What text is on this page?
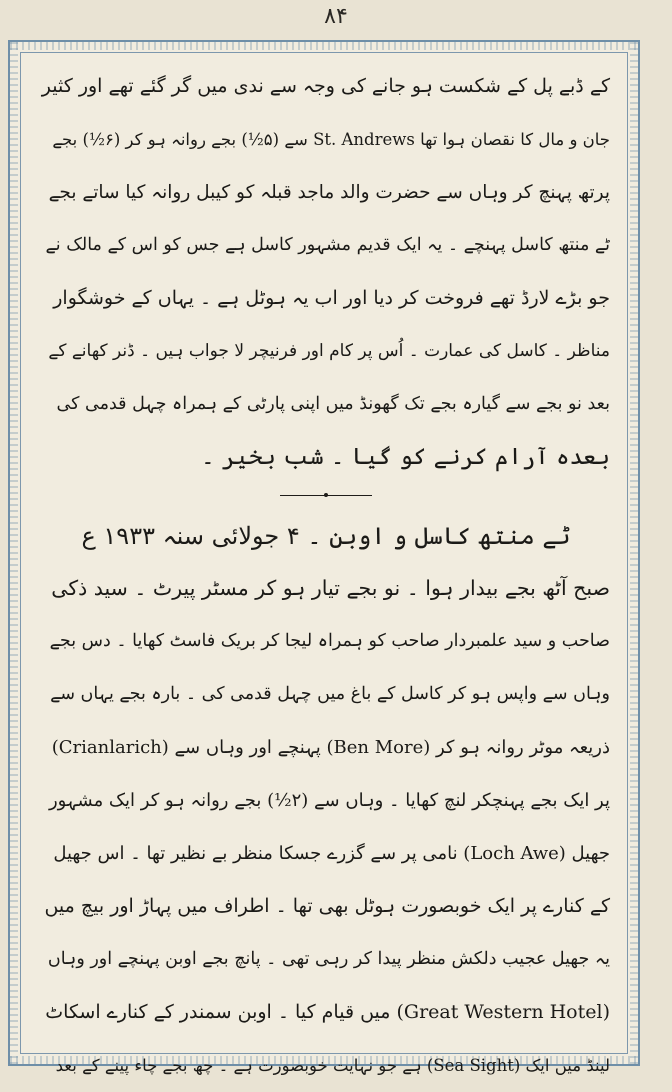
۸۴
کے ڈبے پل کے شکست ہو جانے کی وجہ سے ندی میں گر گئے تھے اور کثیر
جان و مال کا نقصان ہوا تھا St. Andrews سے (۵½) بجے روانہ ہو کر (۶½) بجے
پرتھ پہنچ کر وہاں سے حضرت والد ماجد قبلہ کو کیبل روانہ کیا ساتے بجے
ٹے منتھ کاسل پہنچے ۔ یہ ایک قدیم مشہور کاسل ہے جس کو اس کے مالک نے
جو بڑے لارڈ تھے فروخت کر دیا اور اب یہ ہوٹل ہے ۔ یہاں کے خوشگوار
مناظر ۔ کاسل کی عمارت ۔ اُس پر کام اور فرنیچر لا جواب ہیں ۔ ڈنر کھانے کے
بعد نو بجے سے گیارہ بجے تک گھونڈ میں اپنی پارٹی کے ہمراہ چہل قدمی کی
بعدہ آرام کرنے کو گیا ۔ شب بخیر ۔
ٹے منتھ کاسل و اوبن ۔ ۴ جولائی سنہ ۱۹۳۳ ع
صبح آٹھ بجے بیدار ہوا ۔ نو بجے تیار ہو کر مسٹر پیرٹ ۔ سید ذکی
صاحب و سید علمبردار صاحب کو ہمراہ لیجا کر بریک فاسٹ کھایا ۔ دس بجے
وہاں سے واپس ہو کر کاسل کے باغ میں چہل قدمی کی ۔ بارہ بجے یہاں سے
ذریعہ موٹر روانہ ہو کر (Ben More) پہنچے اور وہاں سے (Crianlarich)
پر ایک بجے پہنچکر لنچ کھایا ۔ وہاں سے (۲½) بجے روانہ ہو کر ایک مشہور
جھیل (Loch Awe) نامی پر سے گزرے جسکا منظر بے نظیر تھا ۔ اس جھیل
کے کنارے پر ایک خوبصورت ہوٹل بھی تھا ۔ اطراف میں پہاڑ اور بیچ میں
یہ جھیل عجیب دلکش منظر پیدا کر رہی تھی ۔ پانچ بجے اوبن پہنچے اور وہاں
(Great Western Hotel) میں قیام کیا ۔ اوبن سمندر کے کنارے اسکاٹ
لینڈ میں ایک (Sea Sight) ہے جو نہایت خوبصورت ہے ۔ چھ بجے چاء پینے کے بعد
